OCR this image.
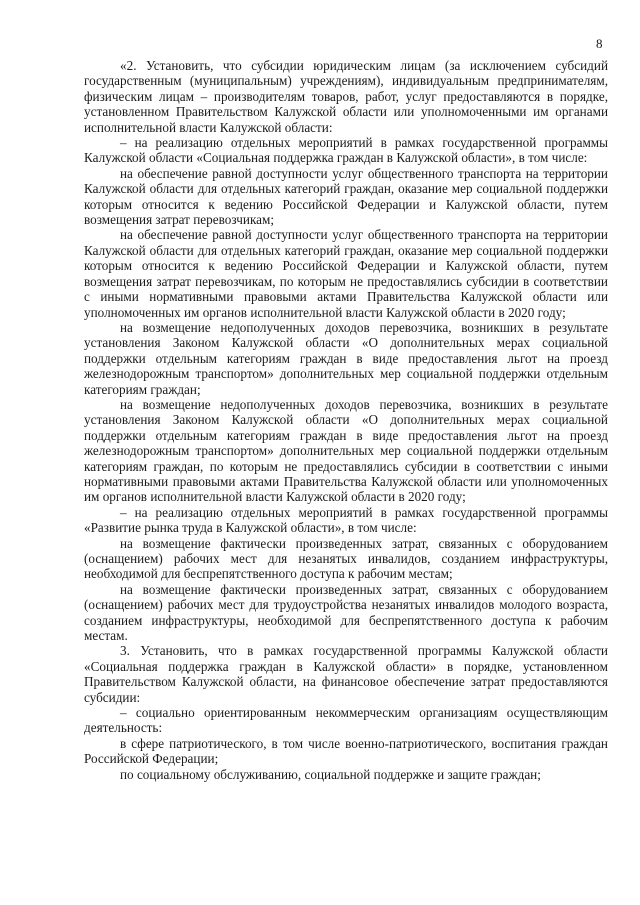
8

«2. Установить, что субсидии юридическим лицам (за исключением субсидий государственным (муниципальным) учреждениям), индивидуальным предпринимателям, физическим лицам – производителям товаров, работ, услуг предоставляются в порядке, установленном Правительством Калужской области или уполномоченными им органами исполнительной власти Калужской области:

– на реализацию отдельных мероприятий в рамках государственной программы Калужской области «Социальная поддержка граждан в Калужской области», в том числе:

на обеспечение равной доступности услуг общественного транспорта на территории Калужской области для отдельных категорий граждан, оказание мер социальной поддержки которым относится к ведению Российской Федерации и Калужской области, путем возмещения затрат перевозчикам;

на обеспечение равной доступности услуг общественного транспорта на территории Калужской области для отдельных категорий граждан, оказание мер социальной поддержки которым относится к ведению Российской Федерации и Калужской области, путем возмещения затрат перевозчикам, по которым не предоставлялись субсидии в соответствии с иными нормативными правовыми актами Правительства Калужской области или уполномоченных им органов исполнительной власти Калужской области в 2020 году;

на возмещение недополученных доходов перевозчика, возникших в результате установления Законом Калужской области «О дополнительных мерах социальной поддержки отдельным категориям граждан в виде предоставления льгот на проезд железнодорожным транспортом» дополнительных мер социальной поддержки отдельным категориям граждан;

на возмещение недополученных доходов перевозчика, возникших в результате установления Законом Калужской области «О дополнительных мерах социальной поддержки отдельным категориям граждан в виде предоставления льгот на проезд железнодорожным транспортом» дополнительных мер социальной поддержки отдельным категориям граждан, по которым не предоставлялись субсидии в соответствии с иными нормативными правовыми актами Правительства Калужской области или уполномоченных им органов исполнительной власти Калужской области в 2020 году;

– на реализацию отдельных мероприятий в рамках государственной программы «Развитие рынка труда в Калужской области», в том числе:

на возмещение фактически произведенных затрат, связанных с оборудованием (оснащением) рабочих мест для незанятых инвалидов, созданием инфраструктуры, необходимой для беспрепятственного доступа к рабочим местам;

на возмещение фактически произведенных затрат, связанных с оборудованием (оснащением) рабочих мест для трудоустройства незанятых инвалидов молодого возраста, созданием инфраструктуры, необходимой для беспрепятственного доступа к рабочим местам.

3. Установить, что в рамках государственной программы Калужской области «Социальная поддержка граждан в Калужской области» в порядке, установленном Правительством Калужской области, на финансовое обеспечение затрат предоставляются субсидии:

– социально ориентированным некоммерческим организациям осуществляющим деятельность:

в сфере патриотического, в том числе военно-патриотического, воспитания граждан Российской Федерации;

по социальному обслуживанию, социальной поддержке и защите граждан;
